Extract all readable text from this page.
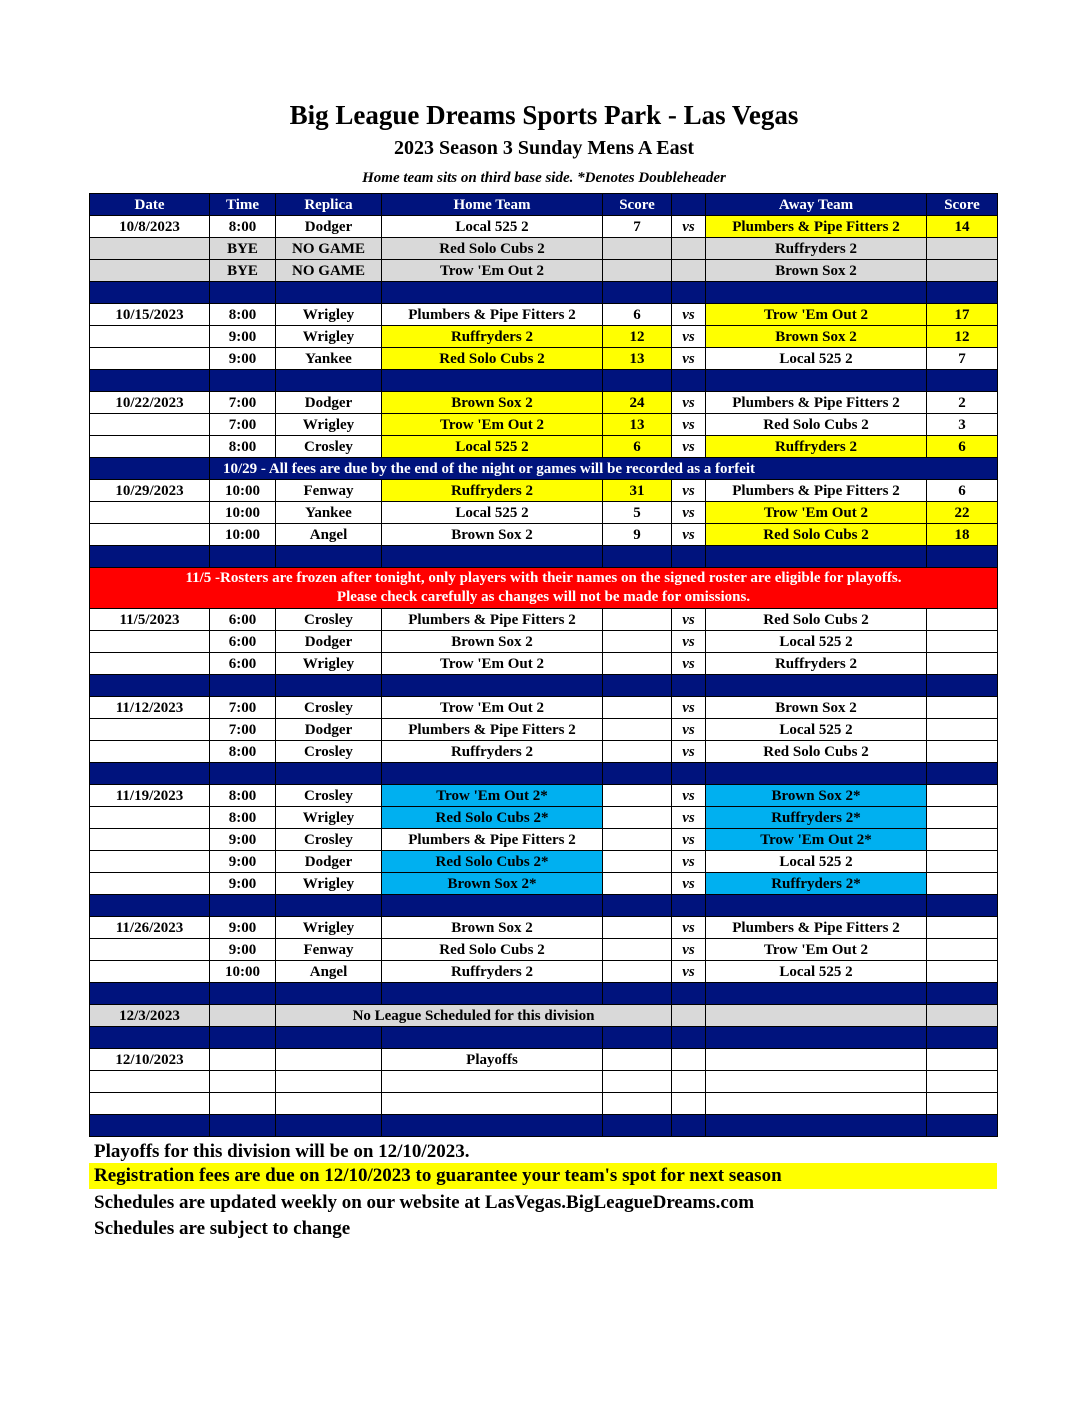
Big League Dreams Sports Park - Las Vegas
2023 Season 3 Sunday Mens A East
Home team sits on third base side. *Denotes Doubleheader
Date	Time	Replica	Home Team	Score		Away Team	Score
10/8/2023	8:00	Dodger	Local 525 2	7	vs	Plumbers & Pipe Fitters 2	14
	BYE	NO GAME	Red Solo Cubs 2			Ruffryders 2	
	BYE	NO GAME	Trow 'Em Out 2			Brown Sox 2	

10/15/2023	8:00	Wrigley	Plumbers & Pipe Fitters 2	6	vs	Trow 'Em Out 2	17
	9:00	Wrigley	Ruffryders 2	12	vs	Brown Sox 2	12
	9:00	Yankee	Red Solo Cubs 2	13	vs	Local 525 2	7

10/22/2023	7:00	Dodger	Brown Sox 2	24	vs	Plumbers & Pipe Fitters 2	2
	7:00	Wrigley	Trow 'Em Out 2	13	vs	Red Solo Cubs 2	3
	8:00	Crosley	Local 525 2	6	vs	Ruffryders 2	6
	10/29 - All fees are due by the end of the night or games will be recorded as a forfeit						
10/29/2023	10:00	Fenway	Ruffryders 2	31	vs	Plumbers & Pipe Fitters 2	6
	10:00	Yankee	Local 525 2	5	vs	Trow 'Em Out 2	22
	10:00	Angel	Brown Sox 2	9	vs	Red Solo Cubs 2	18

11/5 -Rosters are frozen after tonight, only players with their names on the signed roster are eligible for playoffs.
Please check carefully as changes will not be made for omissions.							
11/5/2023	6:00	Crosley	Plumbers & Pipe Fitters 2		vs	Red Solo Cubs 2	
	6:00	Dodger	Brown Sox 2		vs	Local 525 2	
	6:00	Wrigley	Trow 'Em Out 2		vs	Ruffryders 2	

11/12/2023	7:00	Crosley	Trow 'Em Out 2		vs	Brown Sox 2	
	7:00	Dodger	Plumbers & Pipe Fitters 2		vs	Local 525 2	
	8:00	Crosley	Ruffryders 2		vs	Red Solo Cubs 2	

11/19/2023	8:00	Crosley	Trow 'Em Out 2*		vs	Brown Sox 2*	
	8:00	Wrigley	Red Solo Cubs 2*		vs	Ruffryders 2*	
	9:00	Crosley	Plumbers & Pipe Fitters 2		vs	Trow 'Em Out 2*	
	9:00	Dodger	Red Solo Cubs 2*		vs	Local 525 2	
	9:00	Wrigley	Brown Sox 2*		vs	Ruffryders 2*	

11/26/2023	9:00	Wrigley	Brown Sox 2		vs	Plumbers & Pipe Fitters 2	
	9:00	Fenway	Red Solo Cubs 2		vs	Trow 'Em Out 2	
	10:00	Angel	Ruffryders 2		vs	Local 525 2	

12/3/2023		No League Scheduled for this division					

12/10/2023			Playoffs				

Playoffs for this division will be on 12/10/2023.
Registration fees are due on 12/10/2023 to guarantee your team's spot for next season
Schedules are updated weekly on our website at LasVegas.BigLeagueDreams.com
Schedules are subject to change
